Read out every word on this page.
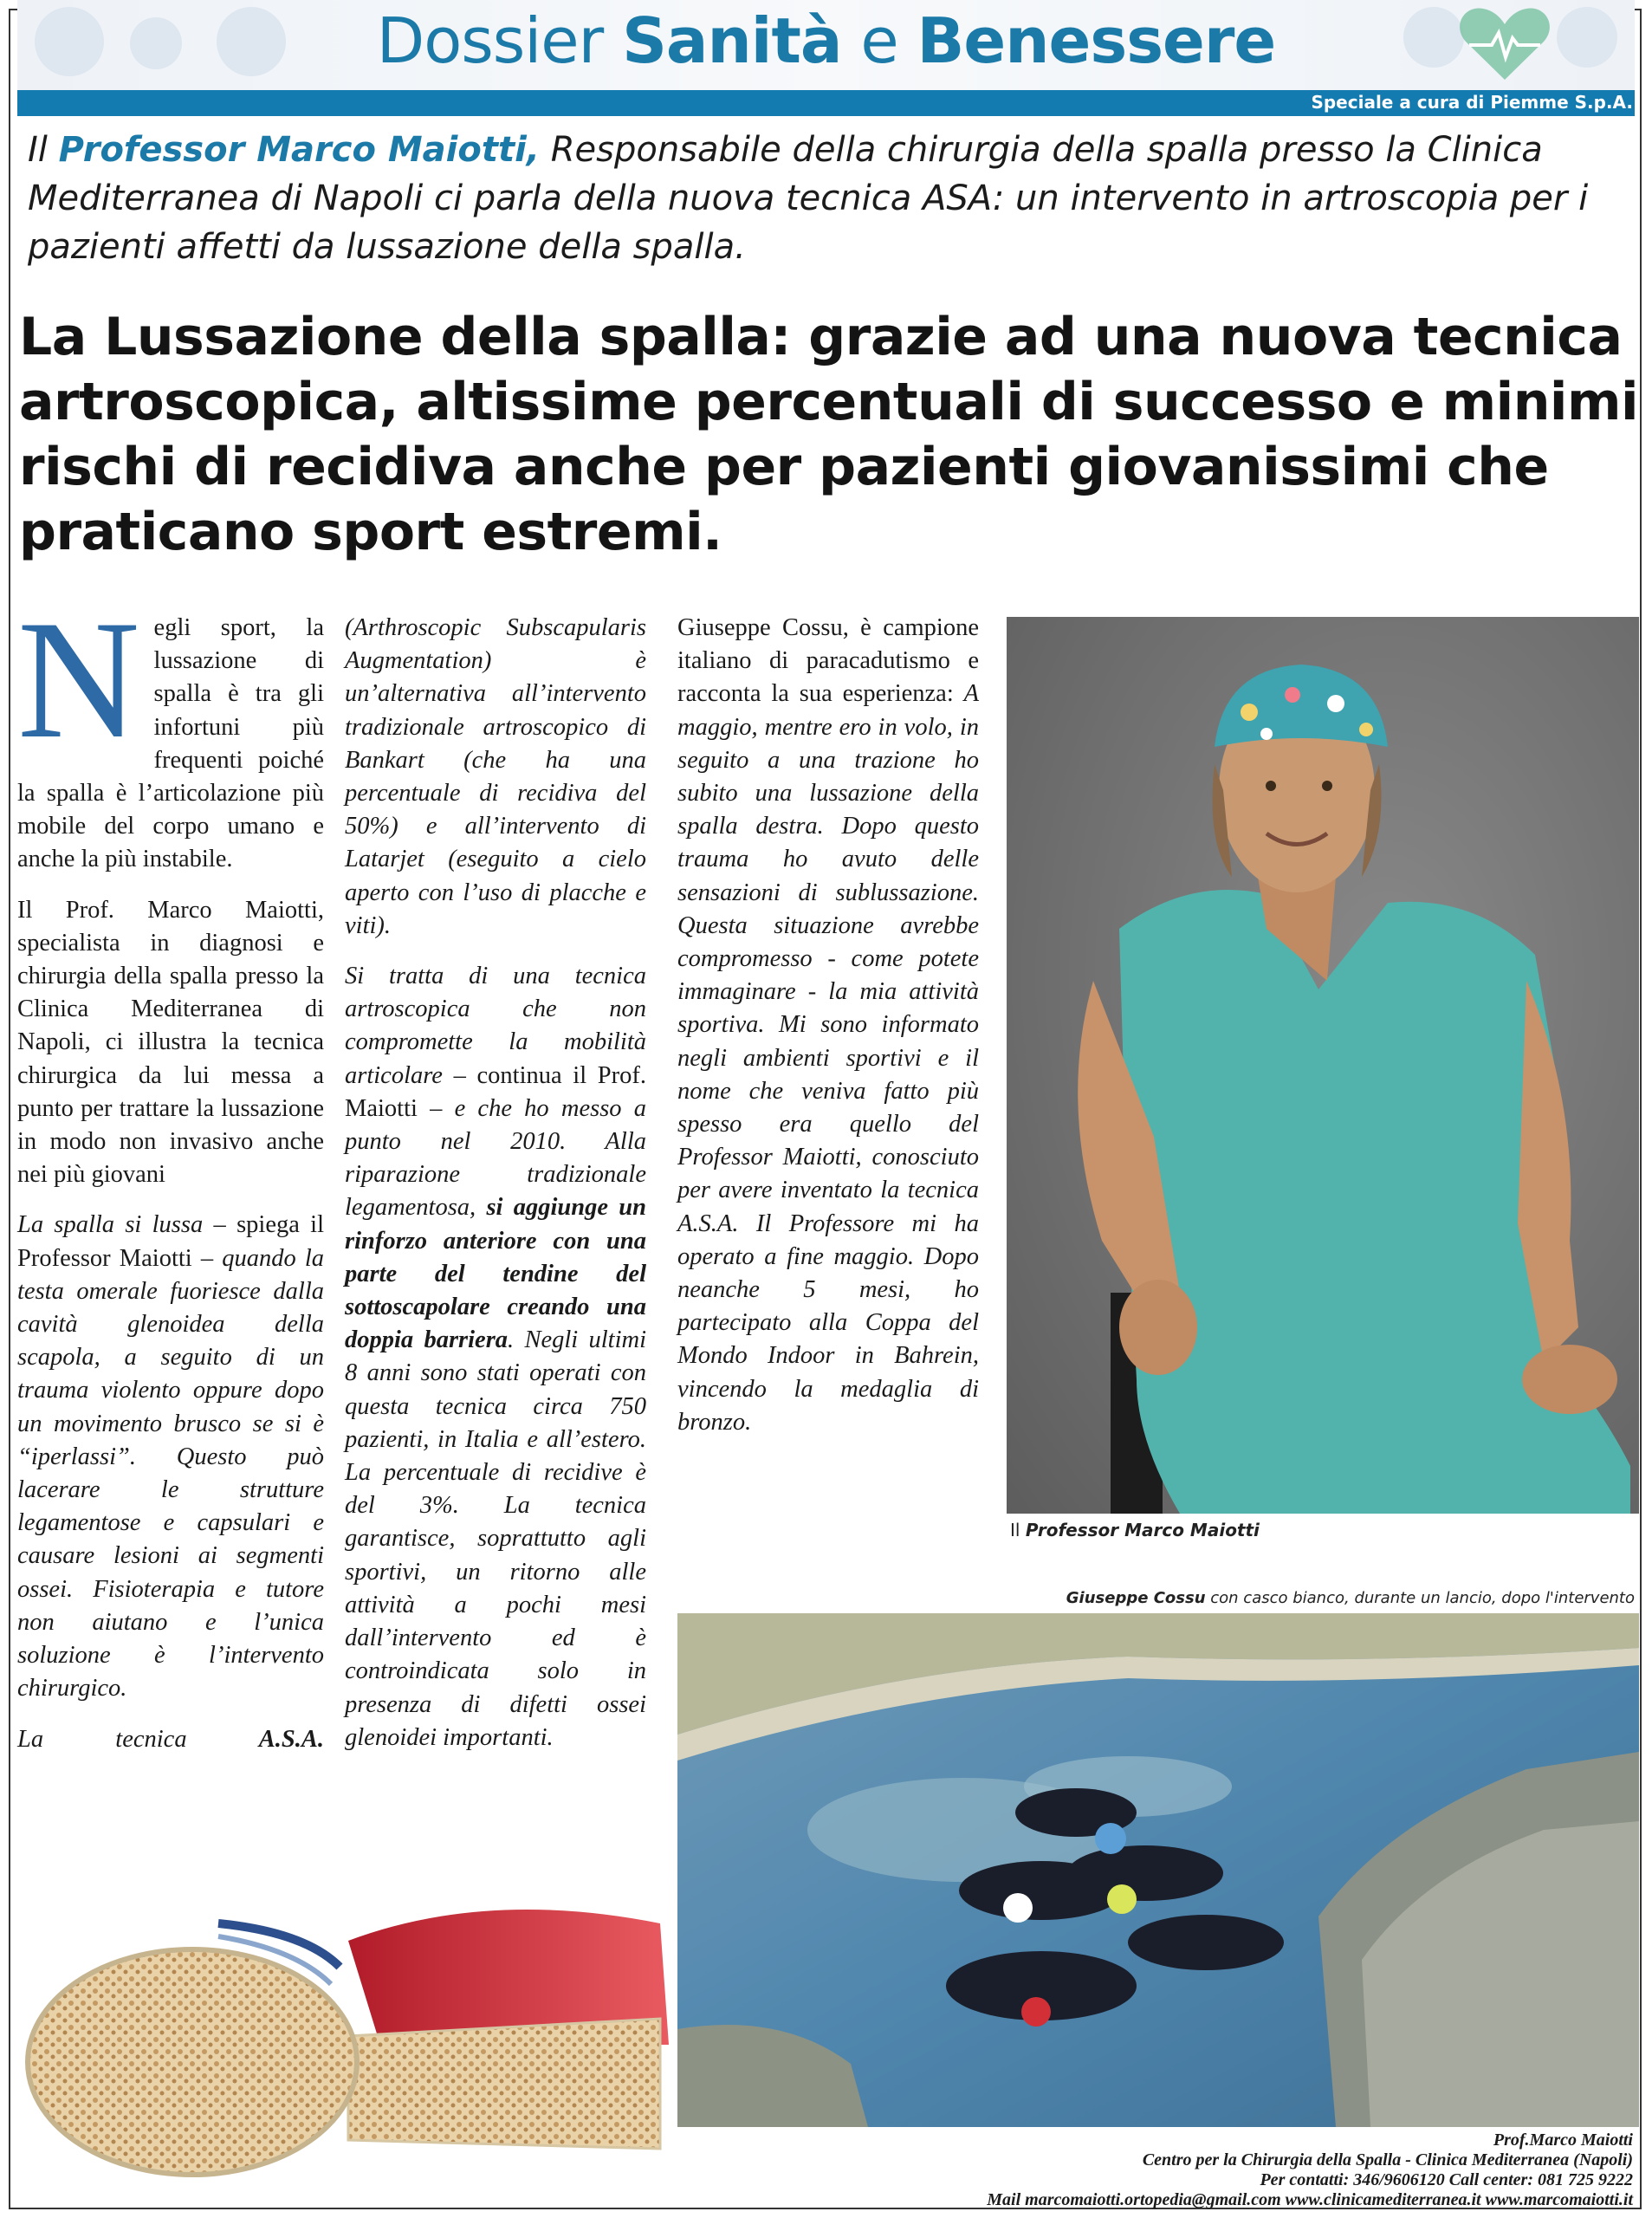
Dossier Sanità e Benessere
Speciale a cura di Piemme S.p.A.
Il Professor Marco Maiotti, Responsabile della chirurgia della spalla presso la Clinica Mediterranea di Napoli ci parla della nuova tecnica ASA: un intervento in artroscopia per i pazienti affetti da lussazione della spalla.
La Lussazione della spalla: grazie ad una nuova tecnica artroscopica, altissime percentuali di successo e minimi rischi di recidiva anche per pazienti giovanissimi che praticano sport estremi.

Negli sport, la lussazione di spalla è tra gli infortuni più frequenti poiché la spalla è l’articolazione più mobile del corpo umano e anche la più instabile.

Il Prof. Marco Maiotti, specialista in diagnosi e chirurgia della spalla presso la Clinica Mediterranea di Napoli, ci illustra la tecnica chirurgica da lui messa a punto per trattare la lussazione in modo non invasivo anche nei più giovani

La spalla si lussa – spiega il Professor Maiotti – quando la testa omerale fuoriesce dalla cavità glenoidea della scapola, a seguito di un trauma violento oppure dopo un movimento brusco se si è “iperlassi”. Questo può lacerare le strutture legamentose e capsulari e causare lesioni ai segmenti ossei. Fisioterapia e tutore non aiutano e l’unica soluzione è l’intervento chirurgico.

La tecnica	A.S.A.

(Arthroscopic Subscapularis Augmentation) è un’alternativa all’intervento tradizionale artroscopico di Bankart (che ha una percentuale di recidiva del 50%) e all’intervento di Latarjet (eseguito a cielo aperto con l’uso di placche e viti).

Si tratta di una tecnica artroscopica che non compromette la mobilità articolare – continua il Prof. Maiotti – e che ho messo a punto nel 2010. Alla riparazione tradizionale legamentosa, si aggiunge un rinforzo anteriore con una parte del tendine del sottoscapolare creando una doppia barriera. Negli ultimi 8 anni sono stati operati con questa tecnica circa 750 pazienti, in Italia e all’estero. La percentuale di recidive è del 3%. La tecnica garantisce, soprattutto agli sportivi, un ritorno alle attività a pochi mesi dall’intervento ed è controindicata solo in presenza di difetti ossei glenoidei importanti.

Giuseppe Cossu, è campione italiano di paracadutismo e racconta la sua esperienza: A maggio, mentre ero in volo, in seguito a una trazione ho subito una lussazione della spalla destra. Dopo questo trauma ho avuto delle sensazioni di sublussazione. Questa situazione avrebbe compromesso - come potete immaginare - la mia attività sportiva. Mi sono informato negli ambienti sportivi e il nome che veniva fatto più spesso era quello del Professor Maiotti, conosciuto per avere inventato la tecnica A.S.A. Il Professore mi ha operato a fine maggio. Dopo neanche 5 mesi, ho partecipato alla Coppa del Mondo Indoor in Bahrein, vincendo la medaglia di bronzo.

Il Professor Marco Maiotti
Giuseppe Cossu con casco bianco, durante un lancio, dopo l'intervento
Prof.Marco Maiotti
Centro per la Chirurgia della Spalla - Clinica Mediterranea (Napoli)
Per contatti: 346/9606120 Call center: 081 725 9222
Mail marcomaiotti.ortopedia@gmail.com www.clinicamediterranea.it www.marcomaiotti.it
